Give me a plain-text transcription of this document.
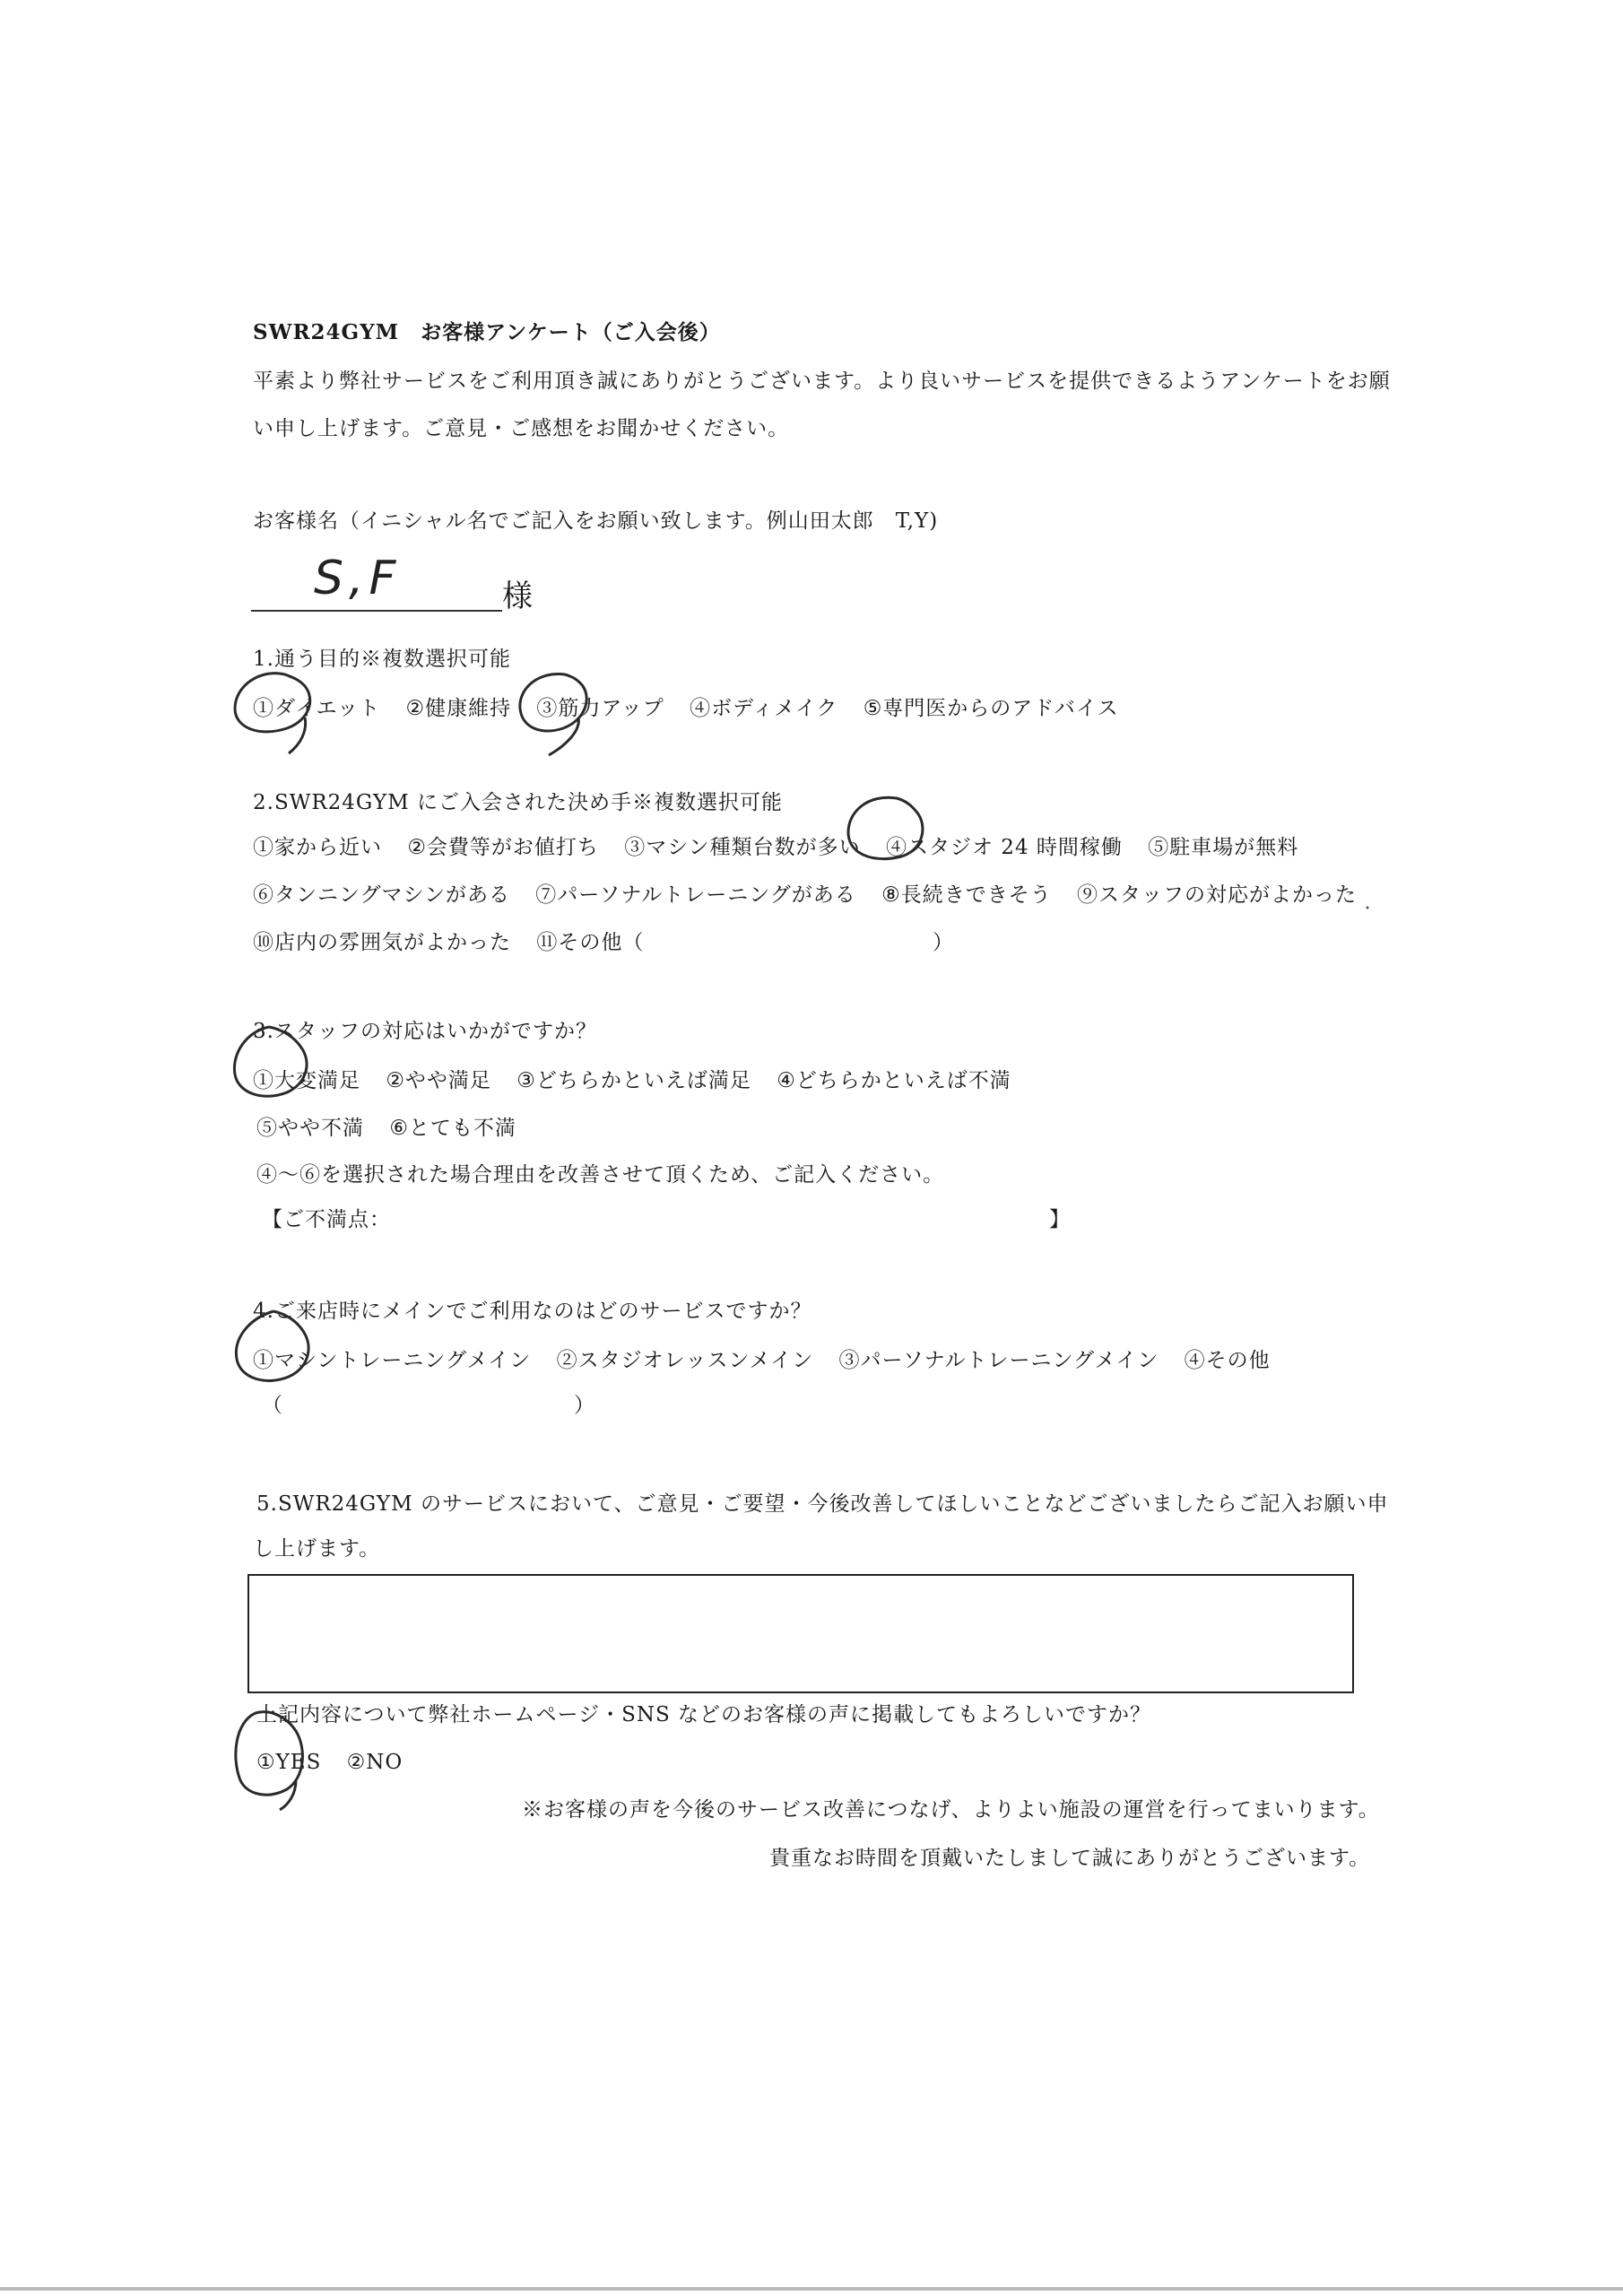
SWR24GYM　お客様アンケート（ご入会後）
平素より弊社サービスをご利用頂き誠にありがとうございます。より良いサービスを提供できるようアンケートをお願
い申し上げます。ご意見・ご感想をお聞かせください。
お客様名（イニシャル名でご記入をお願い致します。例山田太郎　T,Y)
S,F	様
1.通う目的※複数選択可能
①ダイエット ②健康維持 ③筋力アップ ④ボディメイク ⑤専門医からのアドバイス
2.SWR24GYM にご入会された決め手※複数選択可能
①家から近い ②会費等がお値打ち ③マシン種類台数が多い ④スタジオ 24 時間稼働 ⑤駐車場が無料
⑥タンニングマシンがある ⑦パーソナルトレーニングがある ⑧長続きできそう ⑨スタッフの対応がよかった
⑩店内の雰囲気がよかった ⑪その他（	）
3.スタッフの対応はいかがですか？
①大変満足 ②やや満足 ③どちらかといえば満足 ④どちらかといえば不満
⑤やや不満 ⑥とても不満
④～⑥を選択された場合理由を改善させて頂くため、ご記入ください。
【ご不満点：	】
4.ご来店時にメインでご利用なのはどのサービスですか？
①マシントレーニングメイン ②スタジオレッスンメイン ③パーソナルトレーニングメイン ④その他
（	）
5.SWR24GYM のサービスにおいて、ご意見・ご要望・今後改善してほしいことなどございましたらご記入お願い申
し上げます。
上記内容について弊社ホームページ・SNS などのお客様の声に掲載してもよろしいですか？
①YES ②NO
※お客様の声を今後のサービス改善につなげ、よりよい施設の運営を行ってまいります。
貴重なお時間を頂戴いたしまして誠にありがとうございます。
